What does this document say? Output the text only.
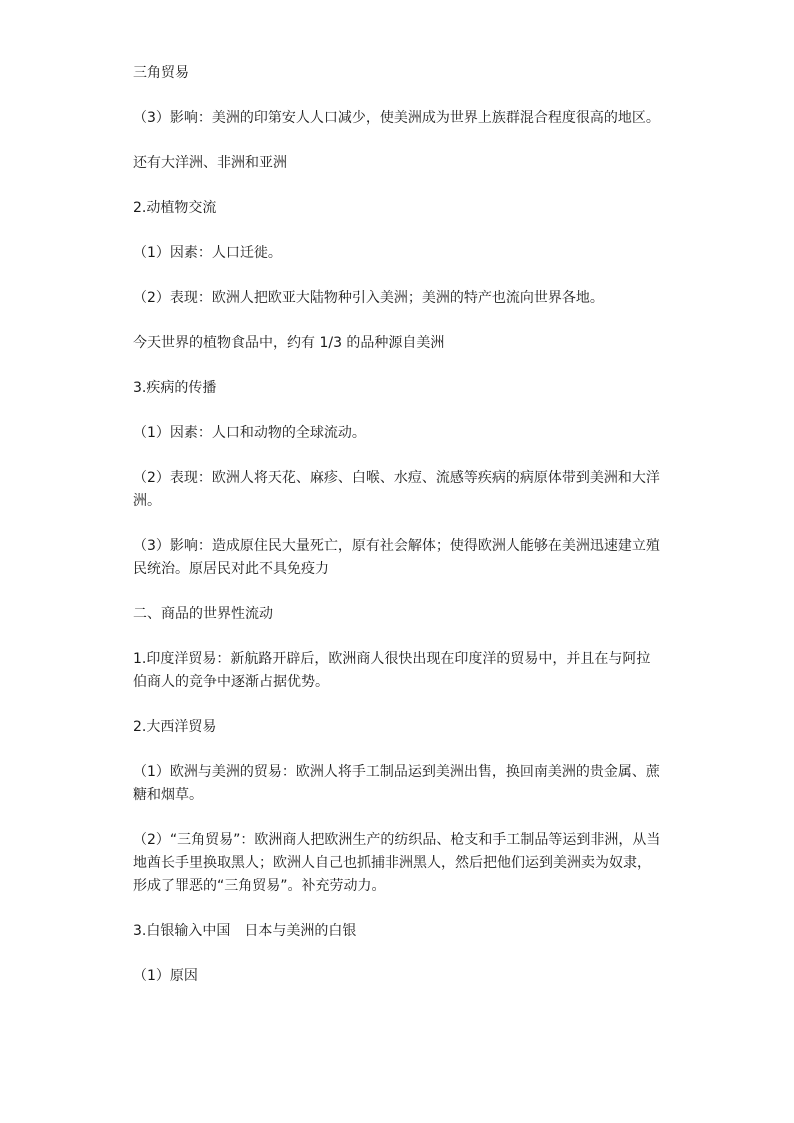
三角贸易

（3）影响：美洲的印第安人人口减少，使美洲成为世界上族群混合程度很高的地区。

还有大洋洲、非洲和亚洲

2.动植物交流

（1）因素：人口迁徙。

（2）表现：欧洲人把欧亚大陆物种引入美洲；美洲的特产也流向世界各地。

今天世界的植物食品中，约有 1/3 的品种源自美洲

3.疾病的传播

（1）因素：人口和动物的全球流动。

（2）表现：欧洲人将天花、麻疹、白喉、水痘、流感等疾病的病原体带到美洲和大洋洲。

（3）影响：造成原住民大量死亡，原有社会解体；使得欧洲人能够在美洲迅速建立殖民统治。原居民对此不具免疫力

二、商品的世界性流动

1.印度洋贸易：新航路开辟后，欧洲商人很快出现在印度洋的贸易中，并且在与阿拉伯商人的竞争中逐渐占据优势。

2.大西洋贸易

（1）欧洲与美洲的贸易：欧洲人将手工制品运到美洲出售，换回南美洲的贵金属、蔗糖和烟草。

（2）“三角贸易”：欧洲商人把欧洲生产的纺织品、枪支和手工制品等运到非洲，从当地酋长手里换取黑人；欧洲人自己也抓捕非洲黑人，然后把他们运到美洲卖为奴隶，形成了罪恶的“三角贸易”。补充劳动力。

3.白银输入中国　日本与美洲的白银

（1）原因
